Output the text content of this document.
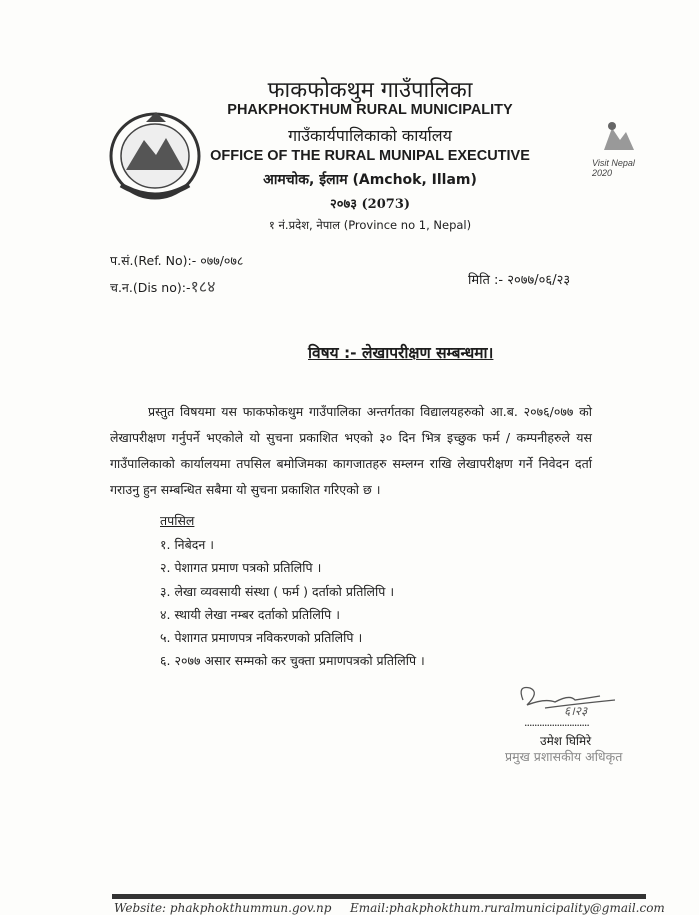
फाकफोकथुम गाउँपालिका
PHAKPHOKTHUM RURAL MUNICIPALITY
गाउँकार्यपालिकाको कार्यालय
OFFICE OF THE RURAL MUNIPAL EXECUTIVE
आमचोक, ईलाम (Amchok, Illam)
२०७३ (2073)
१ नं.प्रदेश, नेपाल (Province no 1, Nepal)
Visit Nepal 2020
प.सं.(Ref. No):- ०७७/०७८
च.न.(Dis no):-१८४	मिति :- २०७७/०६/२३
विषय :- लेखापरीक्षण सम्बन्धमा।
प्रस्तुत विषयमा यस फाकफोकथुम गाउँपालिका अन्तर्गतका विद्यालयहरुको आ.ब. २०७६/०७७ को लेखापरीक्षण गर्नुपर्ने भएकोले यो सुचना प्रकाशित भएको ३० दिन भित्र इच्छुक फर्म / कम्पनीहरुले यस गाउँपालिकाको कार्यालयमा तपसिल बमोजिमका कागजातहरु सम्लग्न राखि लेखापरीक्षण गर्ने निवेदन दर्ता गराउनु हुन सम्बन्धित सबैमा यो सुचना प्रकाशित गरिएको छ ।
तपसिल
१. निबेदन ।
२. पेशागत प्रमाण पत्रको प्रतिलिपि ।
३. लेखा व्यवसायी संस्था ( फर्म ) दर्ताको प्रतिलिपि ।
४. स्थायी लेखा नम्बर दर्ताको प्रतिलिपि ।
५. पेशागत प्रमाणपत्र नविकरणको प्रतिलिपि ।
६. २०७७ असार सम्मको कर चुक्ता प्रमाणपत्रको प्रतिलिपि ।
६।२३
..........................
उमेश घिमिरे
प्रमुख प्रशासकीय अधिकृत
Website: phakphokthummun.gov.np Email:phakphokthum.ruralmunicipality@gmail.com
